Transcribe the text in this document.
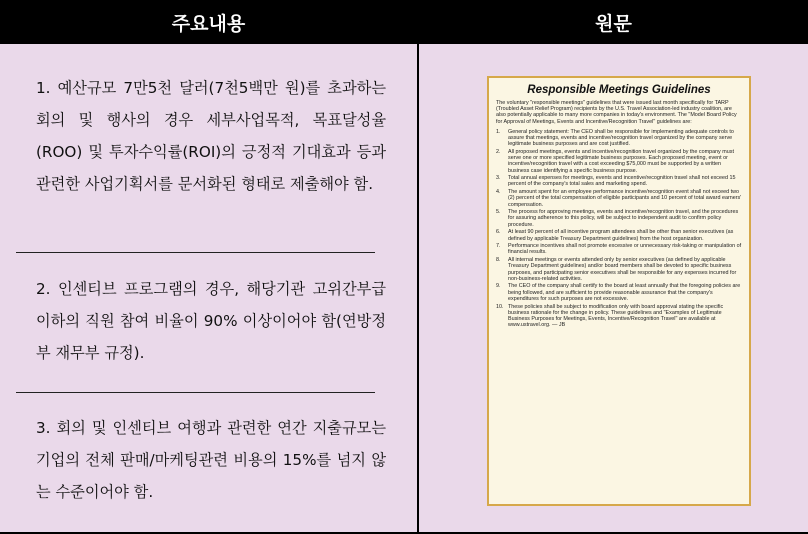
주요내용	원문
1. 예산규모 7만5천 달러(7천5백만 원)를 초과하는 회의 및 행사의 경우 세부사업목적, 목표달성율(ROO) 및 투자수익률(ROI)의 긍정적 기대효과 등과 관련한 사업기획서를 문서화된 형태로 제출해야 함.
2. 인센티브 프로그램의 경우, 해당기관 고위간부급 이하의 직원 참여 비율이 90% 이상이어야 함(연방정부 재무부 규정).
3. 회의 및 인센티브 여행과 관련한 연간 지출규모는 기업의 전체 판매/마케팅관련 비용의 15%를 넘지 않는 수준이어야 함.
Responsible Meetings Guidelines
The voluntary "responsible meetings" guidelines that were issued last month specifically for TARP (Troubled Asset Relief Program) recipients by the U.S. Travel Association-led industry coalition, are also potentially applicable to many more companies in today's environment. The "Model Board Policy for Approval of Meetings, Events and Incentive/Recognition Travel" guidelines are:
1.	General policy statement: The CEO shall be responsible for implementing adequate controls to assure that meetings, events and incentive/recognition travel organized by the company serve legitimate business purposes and are cost justified.
2.	All proposed meetings, events and incentive/recognition travel organized by the company must serve one or more specified legitimate business purposes. Each proposed meeting, event or incentive/recognition travel with a cost exceeding $75,000 must be supported by a written business case identifying a specific business purpose.
3.	Total annual expenses for meetings, events and incentive/recognition travel shall not exceed 15 percent of the company's total sales and marketing spend.
4.	The amount spent for an employee performance incentive/recognition event shall not exceed two (2) percent of the total compensation of eligible participants and 10 percent of total award earners' compensation.
5.	The process for approving meetings, events and incentive/recognition travel, and the procedures for assuring adherence to this policy, will be subject to independent audit to confirm policy procedure.
6.	At least 90 percent of all incentive program attendees shall be other than senior executives (as defined by applicable Treasury Department guidelines) from the host organization.
7.	Performance incentives shall not promote excessive or unnecessary risk-taking or manipulation of financial results.
8.	All internal meetings or events attended only by senior executives (as defined by applicable Treasury Department guidelines) and/or board members shall be devoted to specific business purposes, and participating senior executives shall be responsible for any expenses incurred for non-business-related activities.
9.	The CEO of the company shall certify to the board at least annually that the foregoing policies are being followed, and are sufficient to provide reasonable assurance that the company's expenditures for such purposes are not excessive.
10. These policies shall be subject to modification only with board approval stating the specific business rationale for the change in policy. These guidelines and "Examples of Legitimate Business Purposes for Meetings, Events, Incentive/Recognition Travel" are available at www.ustravel.org. — JB
